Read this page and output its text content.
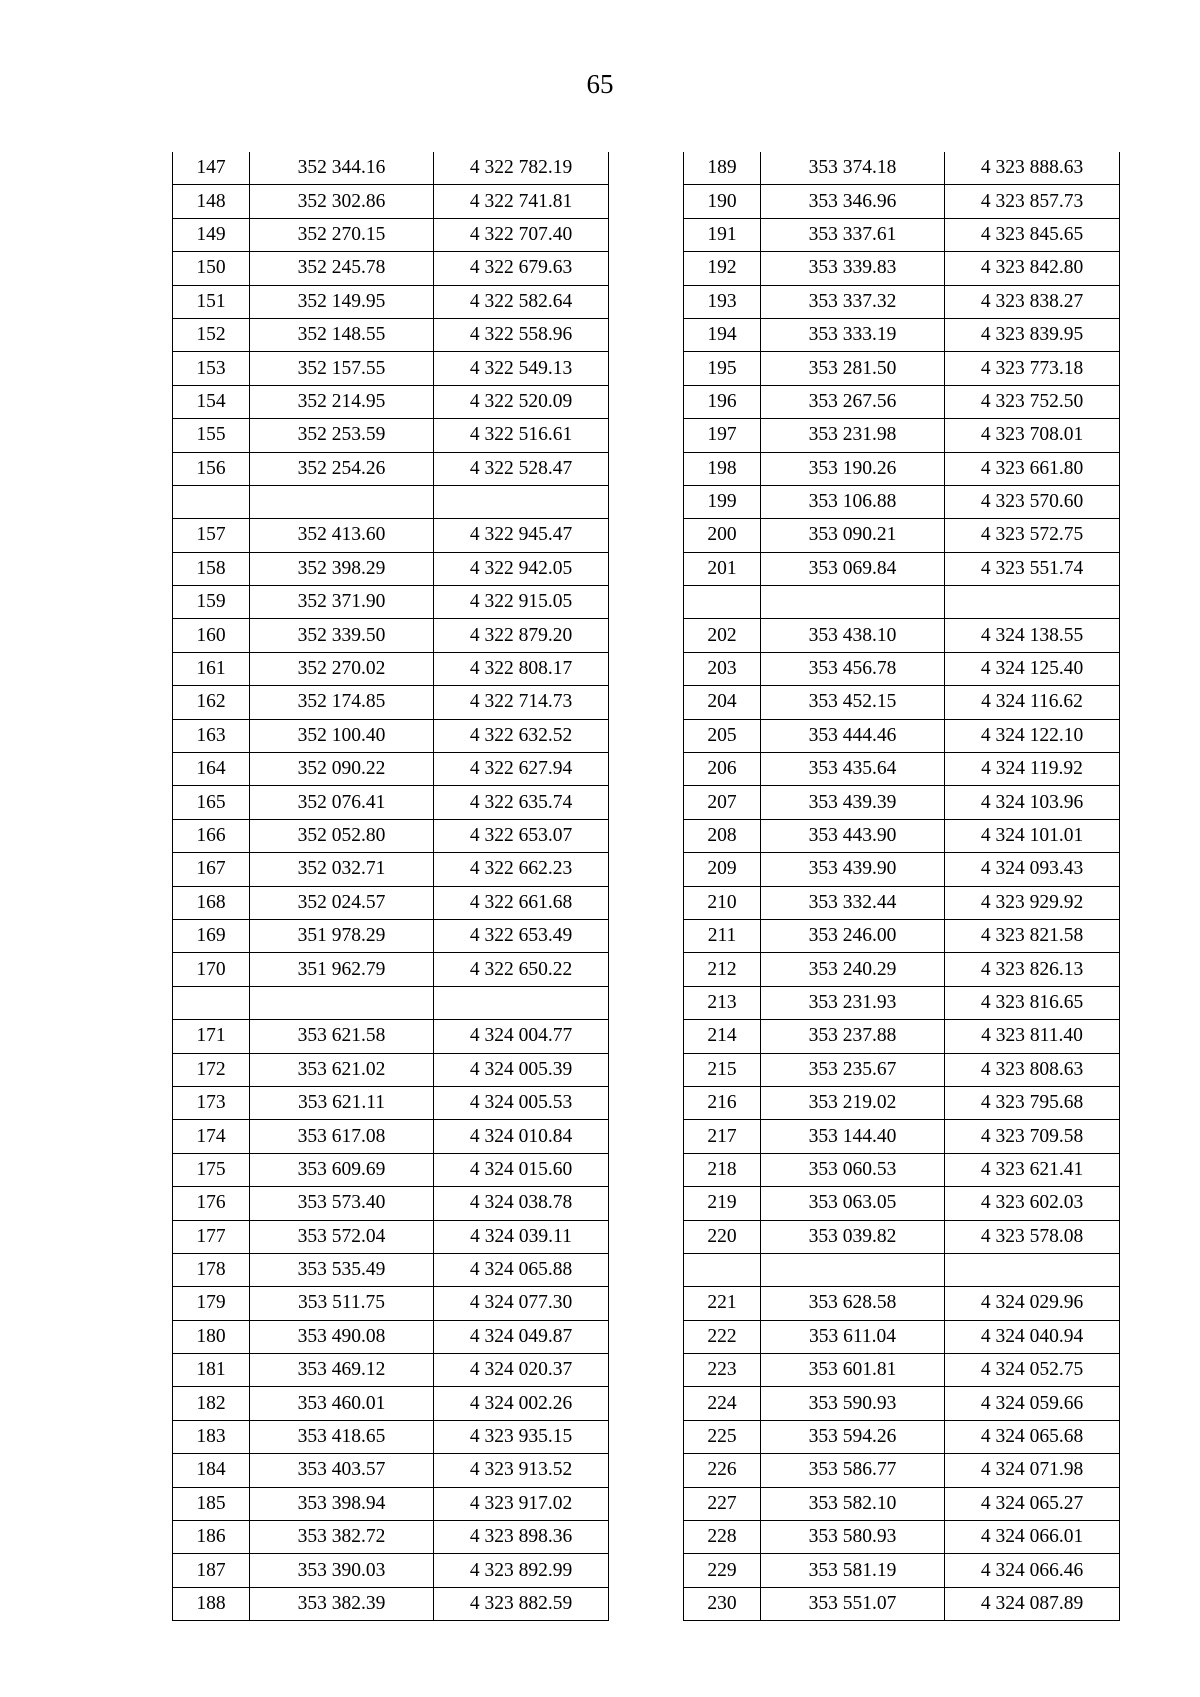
65
147	352 344.16	4 322 782.19
148	352 302.86	4 322 741.81
149	352 270.15	4 322 707.40
150	352 245.78	4 322 679.63
151	352 149.95	4 322 582.64
152	352 148.55	4 322 558.96
153	352 157.55	4 322 549.13
154	352 214.95	4 322 520.09
155	352 253.59	4 322 516.61
156	352 254.26	4 322 528.47

157	352 413.60	4 322 945.47
158	352 398.29	4 322 942.05
159	352 371.90	4 322 915.05
160	352 339.50	4 322 879.20
161	352 270.02	4 322 808.17
162	352 174.85	4 322 714.73
163	352 100.40	4 322 632.52
164	352 090.22	4 322 627.94
165	352 076.41	4 322 635.74
166	352 052.80	4 322 653.07
167	352 032.71	4 322 662.23
168	352 024.57	4 322 661.68
169	351 978.29	4 322 653.49
170	351 962.79	4 322 650.22

171	353 621.58	4 324 004.77
172	353 621.02	4 324 005.39
173	353 621.11	4 324 005.53
174	353 617.08	4 324 010.84
175	353 609.69	4 324 015.60
176	353 573.40	4 324 038.78
177	353 572.04	4 324 039.11
178	353 535.49	4 324 065.88
179	353 511.75	4 324 077.30
180	353 490.08	4 324 049.87
181	353 469.12	4 324 020.37
182	353 460.01	4 324 002.26
183	353 418.65	4 323 935.15
184	353 403.57	4 323 913.52
185	353 398.94	4 323 917.02
186	353 382.72	4 323 898.36
187	353 390.03	4 323 892.99
188	353 382.39	4 323 882.59
189	353 374.18	4 323 888.63
190	353 346.96	4 323 857.73
191	353 337.61	4 323 845.65
192	353 339.83	4 323 842.80
193	353 337.32	4 323 838.27
194	353 333.19	4 323 839.95
195	353 281.50	4 323 773.18
196	353 267.56	4 323 752.50
197	353 231.98	4 323 708.01
198	353 190.26	4 323 661.80
199	353 106.88	4 323 570.60
200	353 090.21	4 323 572.75
201	353 069.84	4 323 551.74

202	353 438.10	4 324 138.55
203	353 456.78	4 324 125.40
204	353 452.15	4 324 116.62
205	353 444.46	4 324 122.10
206	353 435.64	4 324 119.92
207	353 439.39	4 324 103.96
208	353 443.90	4 324 101.01
209	353 439.90	4 324 093.43
210	353 332.44	4 323 929.92
211	353 246.00	4 323 821.58
212	353 240.29	4 323 826.13
213	353 231.93	4 323 816.65
214	353 237.88	4 323 811.40
215	353 235.67	4 323 808.63
216	353 219.02	4 323 795.68
217	353 144.40	4 323 709.58
218	353 060.53	4 323 621.41
219	353 063.05	4 323 602.03
220	353 039.82	4 323 578.08

221	353 628.58	4 324 029.96
222	353 611.04	4 324 040.94
223	353 601.81	4 324 052.75
224	353 590.93	4 324 059.66
225	353 594.26	4 324 065.68
226	353 586.77	4 324 071.98
227	353 582.10	4 324 065.27
228	353 580.93	4 324 066.01
229	353 581.19	4 324 066.46
230	353 551.07	4 324 087.89
